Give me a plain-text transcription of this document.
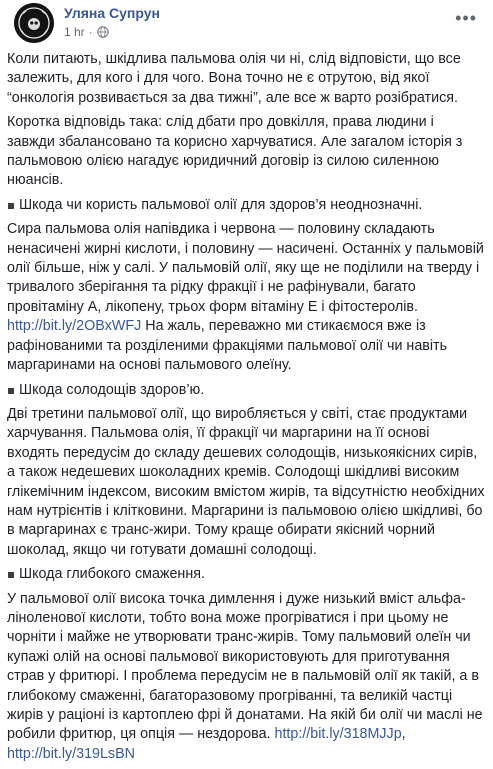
Уляна Супрун
1 hr ·
•••
Коли питають, шкідлива пальмова олія чи ні, слід відповісти, що все залежить, для кого і для чого. Вона точно не є отрутою, від якої “онкологія розвивається за два тижні”, але все ж варто розібратися.
Коротка відповідь така: слід дбати про довкілля, права людини і завжди збалансовано та корисно харчуватися. Але загалом історія з пальмовою олією нагадує юридичний договір із силою силенною нюансів.
Шкода чи користь пальмової олії для здоров’я неоднозначні.
Сира пальмова олія напівдика і червона — половину складають ненасичені жирні кислоти, і половину — насичені. Останніх у пальмовій олії більше, ніж у салі. У пальмовій олії, яку ще не поділили на тверду і тривалого зберігання та рідку фракції і не рафінували, багато провітаміну А, лікопену, трьох форм вітаміну Е і фітостеролів. http://bit.ly/2OBxWFJ На жаль, переважно ми стикаємося вже із рафінованими та розділеними фракціями пальмової олії чи навіть маргаринами на основі пальмового олеїну.
Шкода солодощів здоров’ю.
Дві третини пальмової олії, що виробляється у світі, стає продуктами харчування. Пальмова олія, її фракції чи маргарини на її основі входять передусім до складу дешевих солодощів, низькоякісних сирів, а також недешевих шоколадних кремів. Солодощі шкідливі високим глікемічним індексом, високим вмістом жирів, та відсутністю необхідних нам нутрієнтів і клітковини. Маргарини із пальмовою олією шкідливі, бо в маргаринах є транс-жири. Тому краще обирати якісний чорний шоколад, якщо чи готувати домашні солодощі.
Шкода глибокого смаження.
У пальмової олії висока точка димлення і дуже низький вміст альфа-ліноленової кислоти, тобто вона може прогріватися і при цьому не чорніти і майже не утворювати транс-жирів. Тому пальмовий олеїн чи купажі олій на основі пальмової використовують для приготування страв у фритюрі. І проблема передусім не в пальмовій олії як такій, а в глибокому смаженні, багаторазовому прогріванні, та великій частці жирів у раціоні із картоплею фрі й донатами. На якій би олії чи маслі не робили фритюр, ця опція — нездорова. http://bit.ly/318MJJp, http://bit.ly/319LsBN
